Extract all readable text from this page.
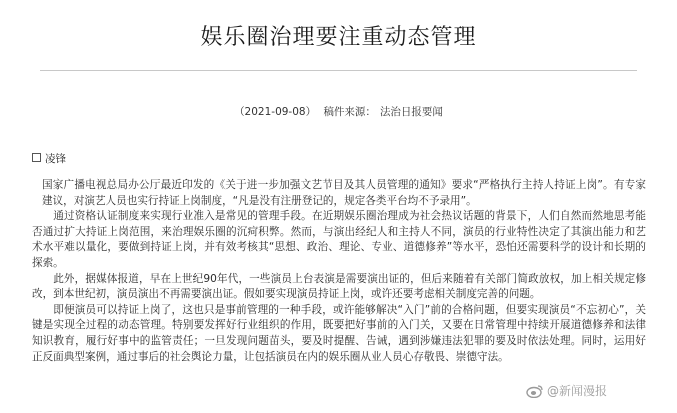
娱乐圈治理要注重动态管理
（2021-09-08） 稿件来源： 法治日报要闻
凌锋

国家广播电视总局办公厅最近印发的《关于进一步加强文艺节目及其人员管理的通知》要求“严格执行主持人持证上岗”。有专家建议，对演艺人员也实行持证上岗制度，“凡是没有注册登记的，规定各类平台均不予录用”。

通过资格认证制度来实现行业准入是常见的管理手段。在近期娱乐圈治理成为社会热议话题的背景下，人们自然而然地思考能否通过扩大持证上岗范围，来治理娱乐圈的沉疴积弊。然而，与演出经纪人和主持人不同，演员的行业特性决定了其演出能力和艺术水平难以量化，要做到持证上岗，并有效考核其“思想、政治、理论、专业、道德修养”等水平，恐怕还需要科学的设计和长期的探索。

此外，据媒体报道，早在上世纪90年代，一些演员上台表演是需要演出证的，但后来随着有关部门简政放权，加上相关规定修改，到本世纪初，演员演出不再需要演出证。假如要实现演员持证上岗，或许还要考虑相关制度完善的问题。

即便演员可以持证上岗了，这也只是事前管理的一种手段，或许能够解决“入门”前的合格问题，但要实现演员“不忘初心”，关键是实现全过程的动态管理。特别要发挥好行业组织的作用，既要把好事前的入门关，又要在日常管理中持续开展道德修养和法律知识教育，履行好事中的监管责任；一旦发现问题苗头，要及时提醒、告诫，遇到涉嫌违法犯罪的要及时依法处理。同时，运用好正反面典型案例，通过事后的社会舆论力量，让包括演员在内的娱乐圈从业人员心存敬畏、崇德守法。

@新闻漫报
